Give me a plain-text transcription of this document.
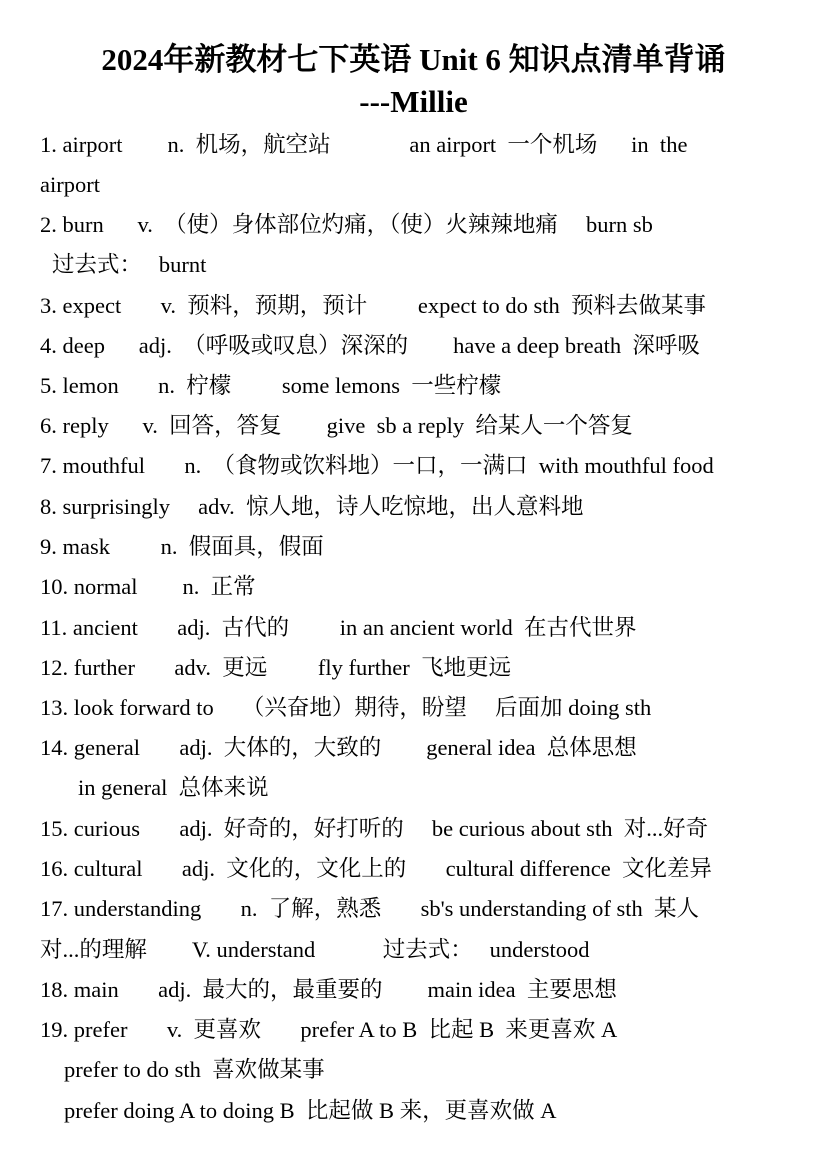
2024年新教材七下英语 Unit 6 知识点清单背诵
---Millie
1. airport        n.  机场，航空站              an airport  一个机场      in  the
airport
2. burn      v.  （使）身体部位灼痛，（使）火辣辣地痛     burn sb
过去式：   burnt
3. expect       v.  预料，预期，预计         expect to do sth  预料去做某事
4. deep      adj.  （呼吸或叹息）深深的        have a deep breath  深呼吸
5. lemon       n.  柠檬         some lemons  一些柠檬
6. reply      v.  回答，答复        give  sb a reply  给某人一个答复
7. mouthful       n.  （食物或饮料地）一口，一满口  with mouthful food
8. surprisingly     adv.  惊人地，诗人吃惊地，出人意料地
9. mask         n.  假面具，假面
10. normal        n.  正常
11. ancient       adj.  古代的         in an ancient world  在古代世界
12. further       adv.  更远         fly further  飞地更远
13. look forward to     （兴奋地）期待，盼望     后面加 doing sth
14. general       adj.  大体的，大致的        general idea  总体思想
in general  总体来说
15. curious       adj.  好奇的，好打听的     be curious about sth  对...好奇
16. cultural       adj.  文化的，文化上的       cultural difference  文化差异
17. understanding       n.  了解，熟悉       sb's understanding of sth  某人
对...的理解        V. understand            过去式：   understood
18. main       adj.  最大的，最重要的        main idea  主要思想
19. prefer       v.  更喜欢       prefer A to B  比起 B  来更喜欢 A
prefer to do sth  喜欢做某事
prefer doing A to doing B  比起做 B 来，更喜欢做 A
